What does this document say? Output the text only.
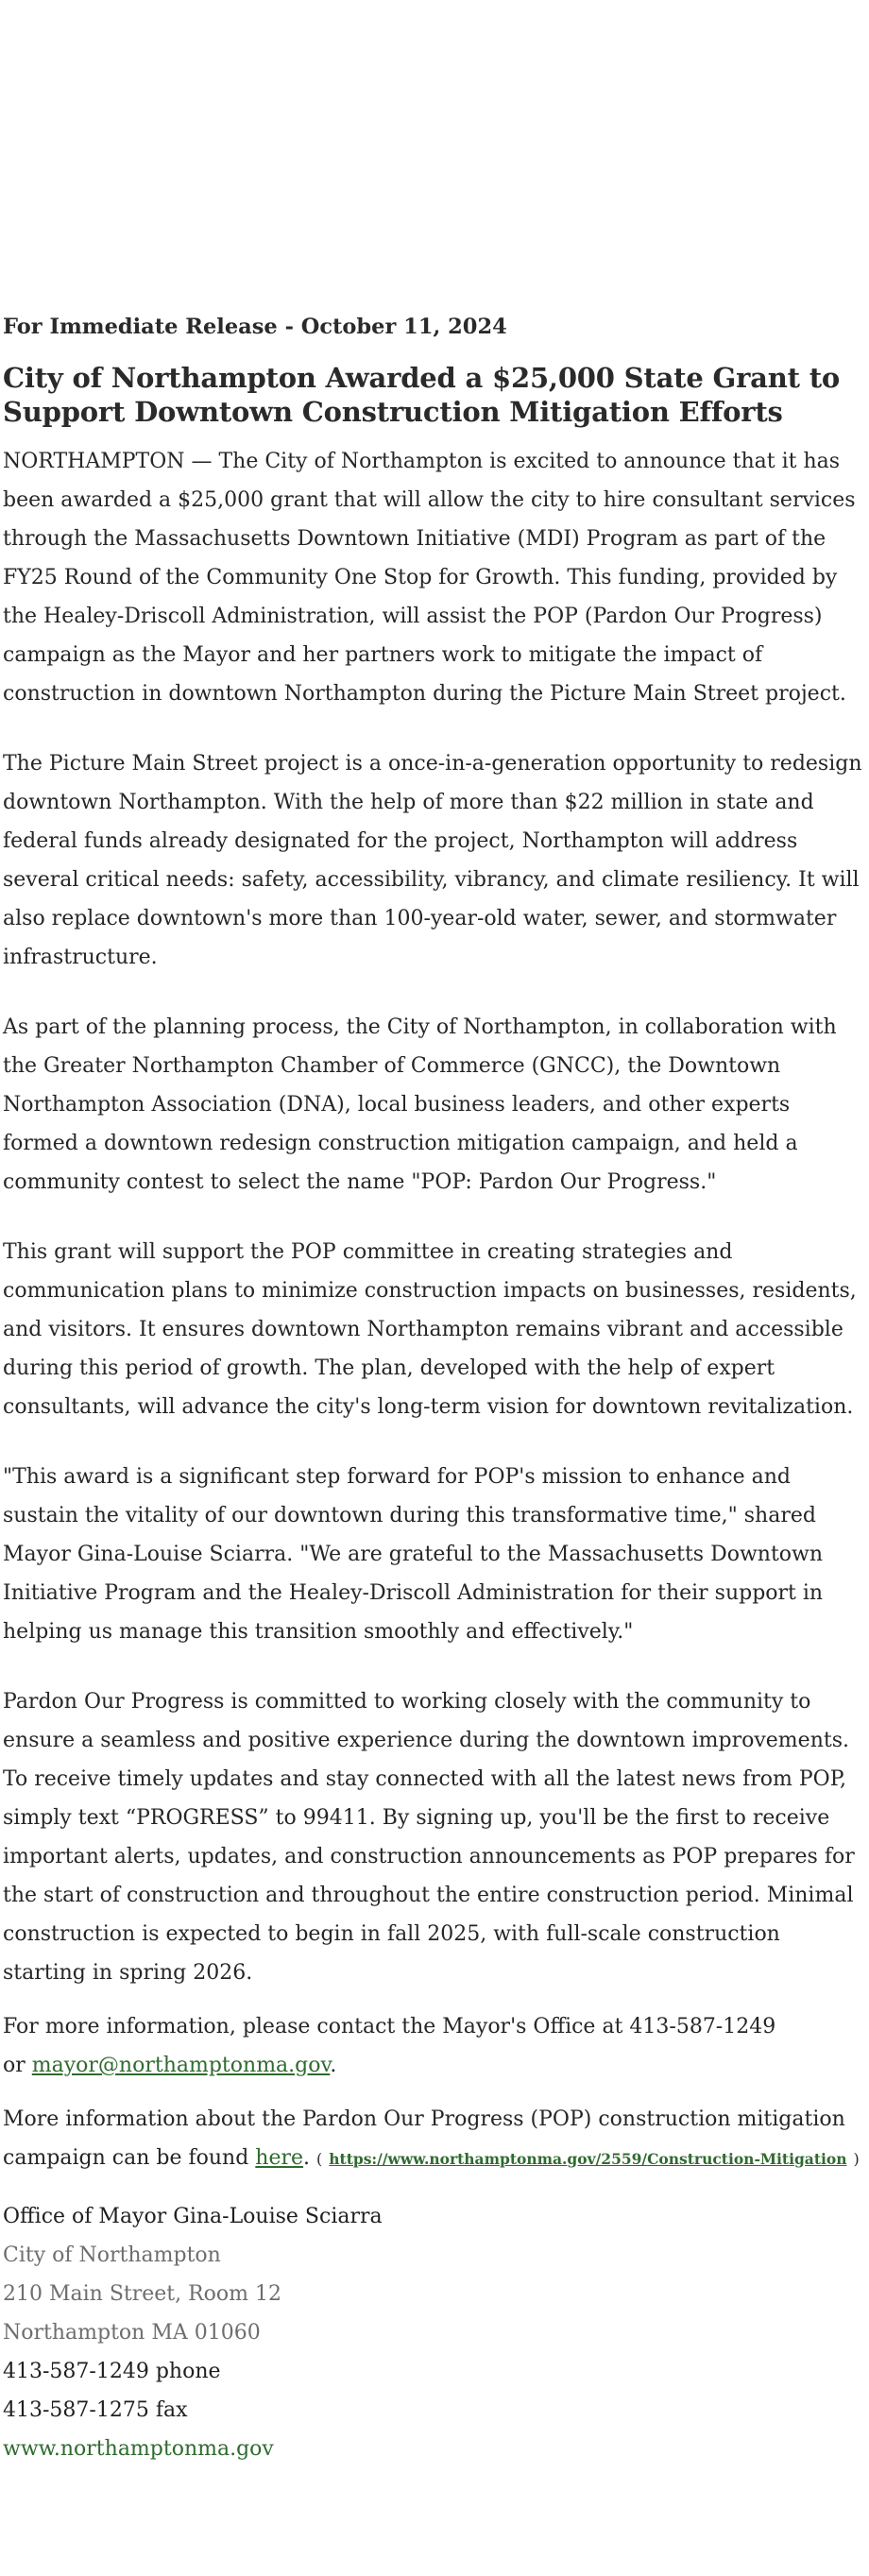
For Immediate Release - October 11, 2024
City of Northampton Awarded a $25,000 State Grant to Support Downtown Construction Mitigation Efforts

NORTHAMPTON — The City of Northampton is excited to announce that it has been awarded a $25,000 grant that will allow the city to hire consultant services through the Massachusetts Downtown Initiative (MDI) Program as part of the FY25 Round of the Community One Stop for Growth. This funding, provided by the Healey-Driscoll Administration, will assist the POP (Pardon Our Progress) campaign as the Mayor and her partners work to mitigate the impact of construction in downtown Northampton during the Picture Main Street project.

The Picture Main Street project is a once-in-a-generation opportunity to redesign downtown Northampton. With the help of more than $22 million in state and federal funds already designated for the project, Northampton will address several critical needs: safety, accessibility, vibrancy, and climate resiliency. It will also replace downtown's more than 100-year-old water, sewer, and stormwater infrastructure.

As part of the planning process, the City of Northampton, in collaboration with the Greater Northampton Chamber of Commerce (GNCC), the Downtown Northampton Association (DNA), local business leaders, and other experts formed a downtown redesign construction mitigation campaign, and held a community contest to select the name "POP: Pardon Our Progress."

This grant will support the POP committee in creating strategies and communication plans to minimize construction impacts on businesses, residents, and visitors. It ensures downtown Northampton remains vibrant and accessible during this period of growth. The plan, developed with the help of expert consultants, will advance the city's long-term vision for downtown revitalization.

"This award is a significant step forward for POP's mission to enhance and sustain the vitality of our downtown during this transformative time," shared Mayor Gina-Louise Sciarra. "We are grateful to the Massachusetts Downtown Initiative Program and the Healey-Driscoll Administration for their support in helping us manage this transition smoothly and effectively."

Pardon Our Progress is committed to working closely with the community to ensure a seamless and positive experience during the downtown improvements. To receive timely updates and stay connected with all the latest news from POP, simply text “PROGRESS” to 99411. By signing up, you'll be the first to receive important alerts, updates, and construction announcements as POP prepares for the start of construction and throughout the entire construction period. Minimal construction is expected to begin in fall 2025, with full-scale construction starting in spring 2026.

For more information, please contact the Mayor's Office at 413-587-1249
or mayor@northamptonma.gov.

More information about the Pardon Our Progress (POP) construction mitigation campaign can be found here. ( https://www.northamptonma.gov/2559/Construction-Mitigation )

Office of Mayor Gina-Louise Sciarra
City of Northampton
210 Main Street, Room 12
Northampton MA 01060
413-587-1249 phone
413-587-1275 fax
www.northamptonma.gov
